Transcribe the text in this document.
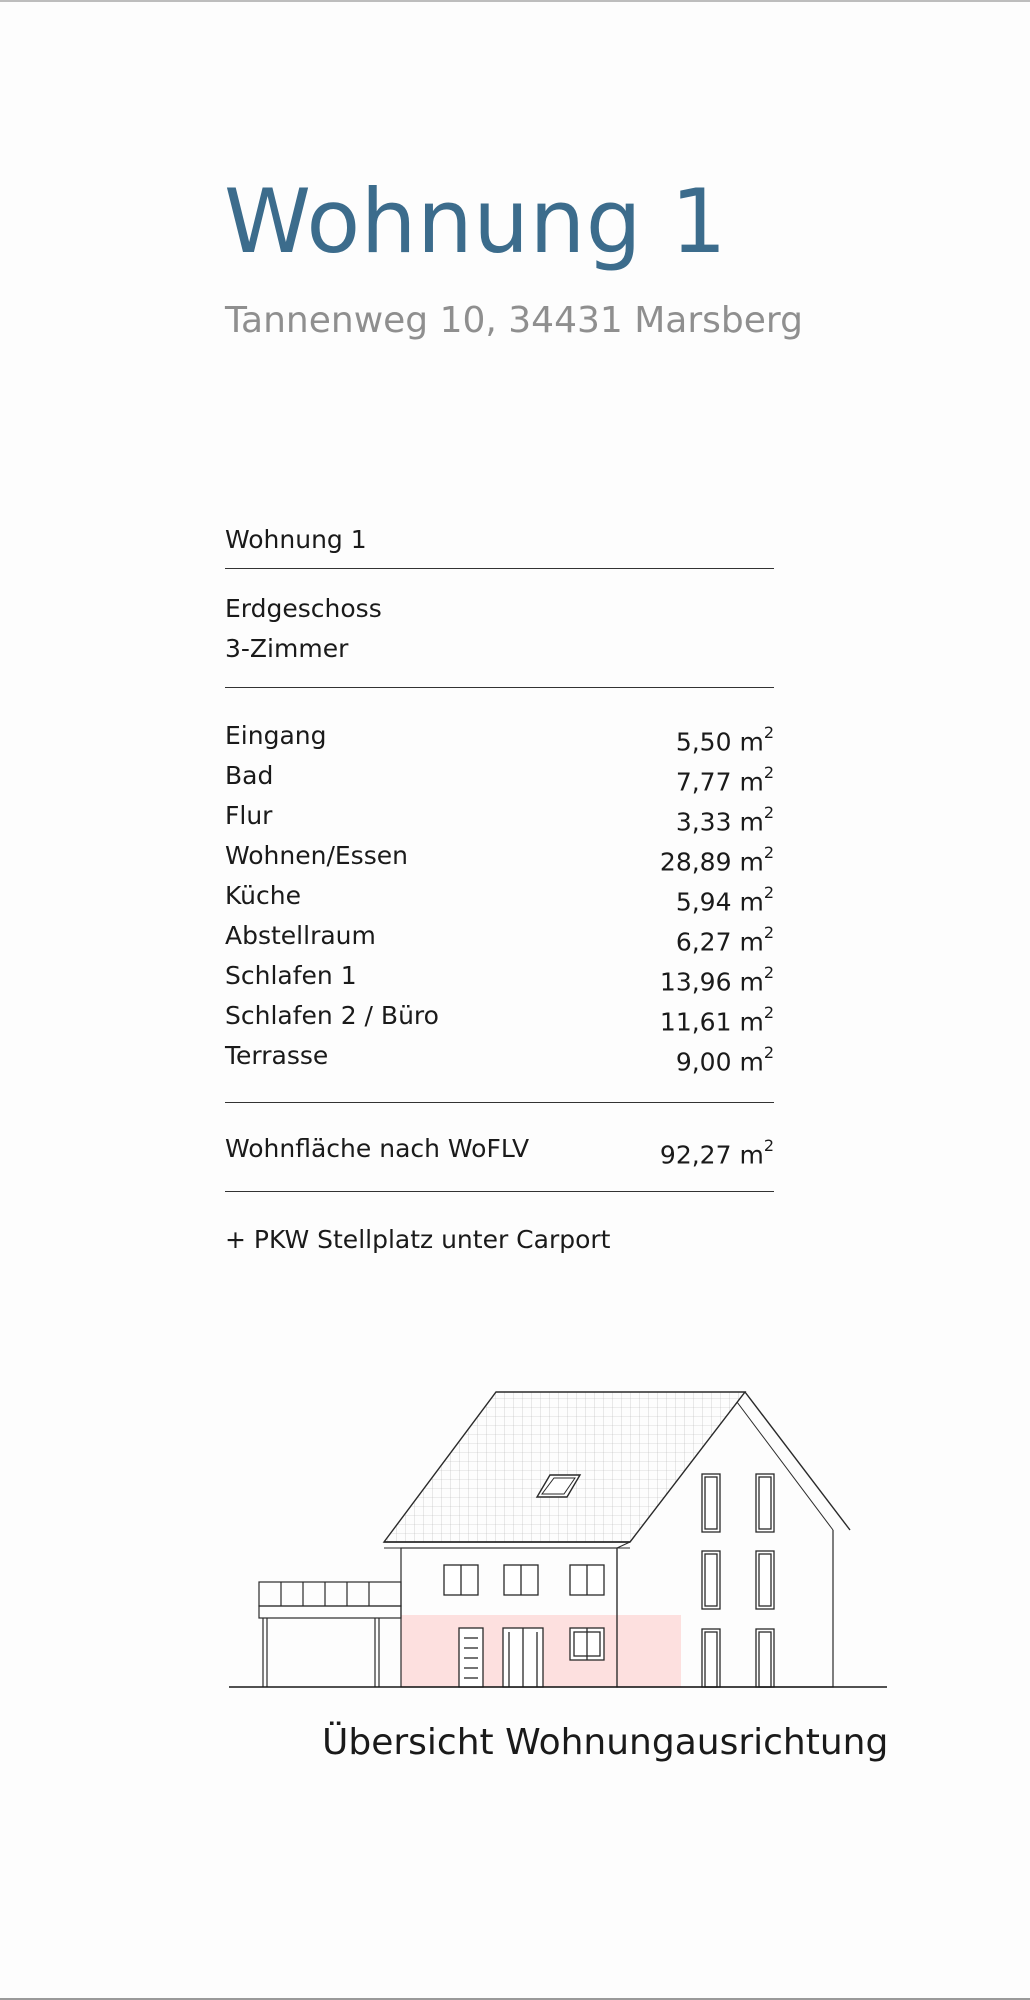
Wohnung 1
Tannenweg 10, 34431 Marsberg
Wohnung 1
Erdgeschoss
3-Zimmer
Eingang	5,50 $m^2$
Bad	7,77 $m^2$
Flur	3,33 $m^2$
Wohnen/Essen	28,89 $m^2$
Küche	5,94 $m^2$
Abstellraum	6,27 $m^2$
Schlafen 1	13,96 $m^2$
Schlafen 2 / Büro	11,61 $m^2$
Terrasse	9,00 $m^2$
Wohnfläche nach WoFLV	92,27 $m^2$
+ PKW Stellplatz unter Carport
Übersicht Wohnungausrichtung
